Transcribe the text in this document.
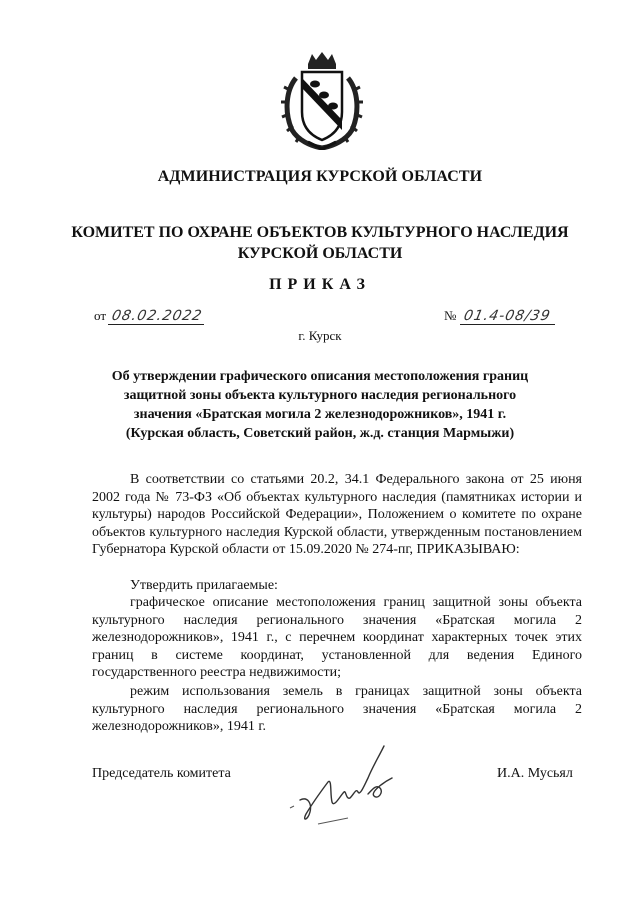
АДМИНИСТРАЦИЯ КУРСКОЙ ОБЛАСТИ
КОМИТЕТ ПО ОХРАНЕ ОБЪЕКТОВ КУЛЬТУРНОГО НАСЛЕДИЯ
КУРСКОЙ ОБЛАСТИ
ПРИКАЗ
от 08.02.2022	№ 01.4-08/39
г. Курск
Об утверждении графического описания местоположения границ
защитной зоны объекта культурного наследия регионального
значения «Братская могила 2 железнодорожников», 1941 г.
(Курская область, Советский район, ж.д. станция Мармыжи)
В соответствии со статьями 20.2, 34.1 Федерального закона от 25 июня 2002 года № 73-ФЗ «Об объектах культурного наследия (памятниках истории и культуры) народов Российской Федерации», Положением о комитете по охране объектов культурного наследия Курской области, утвержденным постановлением Губернатора Курской области от 15.09.2020 № 274-пг, ПРИКАЗЫВАЮ:
Утвердить прилагаемые:
графическое описание местоположения границ защитной зоны объекта культурного наследия регионального значения «Братская могила 2 железнодорожников», 1941 г., с перечнем координат характерных точек этих границ в системе координат, установленной для ведения Единого государственного реестра недвижимости;
режим использования земель в границах защитной зоны объекта культурного наследия регионального значения «Братская могила 2 железнодорожников», 1941 г.
Председатель комитета	И.А. Мусьял
